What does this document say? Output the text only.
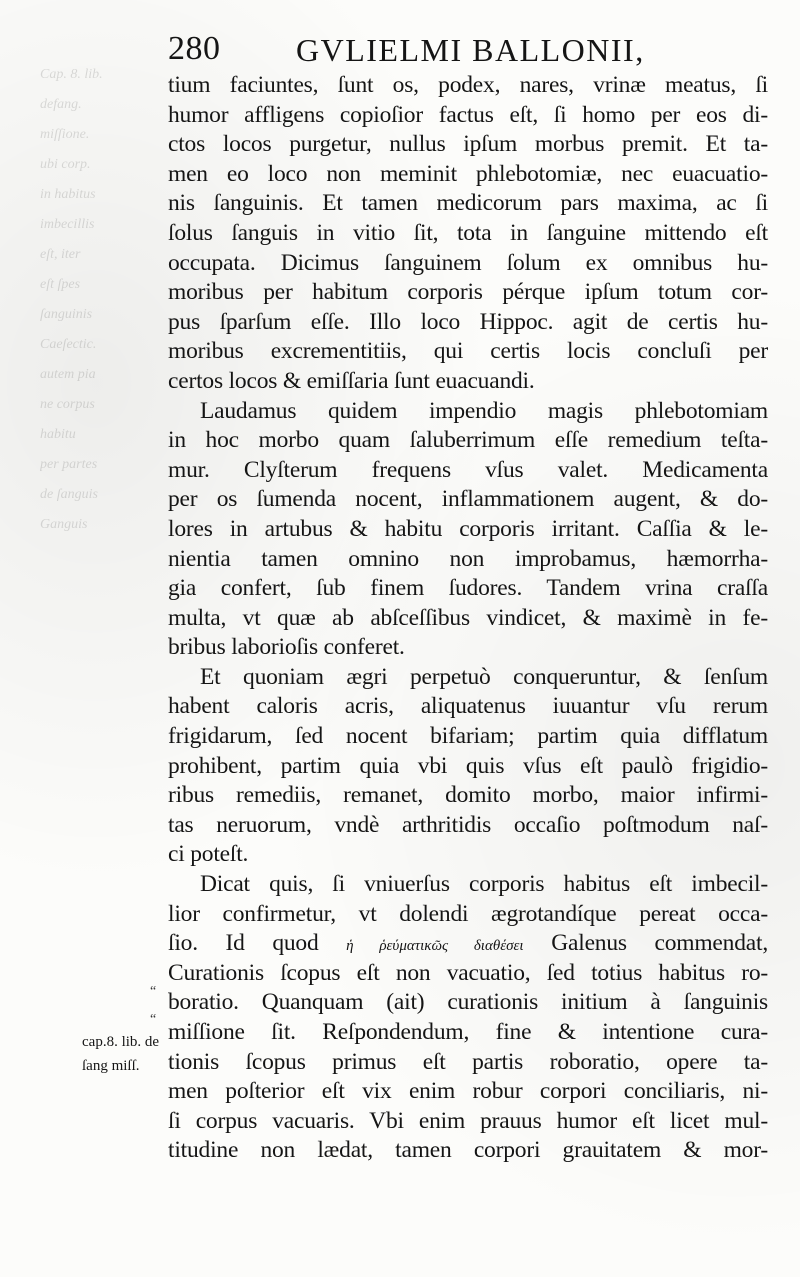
Cap. 8. lib.
defang.
miſſione.
ubi corp.
in habitus
imbecillis
eſt, iter
eſt ſpes
ſanguinis
Caeſectic.
autem pia
ne corpus
habitu
per partes
de ſanguis
Ganguis
280 GVLIELMI BALLONII,
tium faciuntes, ſunt os, podex, nares, vrinæ meatus, ſi
humor affligens copioſior factus eſt, ſi homo per eos di-
ctos locos purgetur, nullus ipſum morbus premit. Et ta-
men eo loco non meminit phlebotomiæ, nec euacuatio-
nis ſanguinis. Et tamen medicorum pars maxima, ac ſi
ſolus ſanguis in vitio ſit, tota in ſanguine mittendo eſt
occupata. Dicimus ſanguinem ſolum ex omnibus hu-
moribus per habitum corporis pérque ipſum totum cor-
pus ſparſum eſſe. Illo loco Hippoc. agit de certis hu-
moribus excrementitiis, qui certis locis concluſi per
certos locos & emiſſaria ſunt euacuandi.
Laudamus quidem impendio magis phlebotomiam
in hoc morbo quam ſaluberrimum eſſe remedium teſta-
mur. Clyſterum frequens vſus valet. Medicamenta
per os ſumenda nocent, inflammationem augent, & do-
lores in artubus & habitu corporis irritant. Caſſia & le-
nientia tamen omnino non improbamus, hæmorrha-
gia confert, ſub finem ſudores. Tandem vrina craſſa
multa, vt quæ ab abſceſſibus vindicet, & maximè in fe-
bribus laborioſis conferet.
Et quoniam ægri perpetuò conqueruntur, & ſenſum
habent caloris acris, aliquatenus iuuantur vſu rerum
frigidarum, ſed nocent bifariam; partim quia difflatum
prohibent, partim quia vbi quis vſus eſt paulò frigidio-
ribus remediis, remanet, domito morbo, maior infirmi-
tas neruorum, vndè arthritidis occaſio poſtmodum naſ-
ci poteſt.
Dicat quis, ſi vniuerſus corporis habitus eſt imbecil-
lior confirmetur, vt dolendi ægrotandíque pereat occa-
ſio. Id quod ἡ ῥεύματικῶς διαθέσει Galenus commendat,
Curationis ſcopus eſt non vacuatio, ſed totius habitus ro-
boratio. Quanquam (ait) curationis initium à ſanguinis
miſſione ſit. Reſpondendum, fine & intentione cura-
tionis ſcopus primus eſt partis roboratio, opere ta-
men poſterior eſt vix enim robur corpori conciliaris, ni-
ſi corpus vacuaris. Vbi enim prauus humor eſt licet mul-
titudine non lædat, tamen corpori grauitatem & mor-
“
“
cap.8. lib. de
ſang miſſ.
